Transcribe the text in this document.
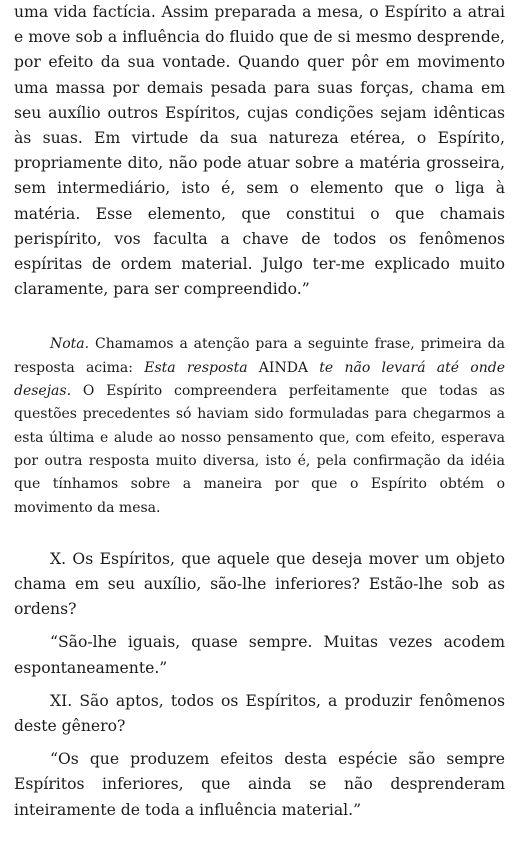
uma vida factícia. Assim preparada a mesa, o Espírito a atrai e move sob a influência do fluido que de si mesmo desprende, por efeito da sua vontade. Quando quer pôr em movimento uma massa por demais pesada para suas forças, chama em seu auxílio outros Espíritos, cujas condições sejam idênticas às suas. Em virtude da sua natureza etérea, o Espírito, propriamente dito, não pode atuar sobre a matéria grosseira, sem intermediário, isto é, sem o elemento que o liga à matéria. Esse elemento, que constitui o que chamais perispírito, vos faculta a chave de todos os fenômenos espíritas de ordem material. Julgo ter-me explicado muito claramente, para ser compreendido.”

Nota. Chamamos a atenção para a seguinte frase, primeira da resposta acima: Esta resposta AINDA te não levará até onde desejas. O Espírito compreendera perfeitamente que todas as questões precedentes só haviam sido formuladas para chegarmos a esta última e alude ao nosso pensamento que, com efeito, esperava por outra resposta muito diversa, isto é, pela confirmação da idéia que tínhamos sobre a maneira por que o Espírito obtém o movimento da mesa.

X. Os Espíritos, que aquele que deseja mover um objeto chama em seu auxílio, são-lhe inferiores? Estão-lhe sob as ordens?

“São-lhe iguais, quase sempre. Muitas vezes acodem espontaneamente.”

XI. São aptos, todos os Espíritos, a produzir fenômenos deste gênero?

“Os que produzem efeitos desta espécie são sempre Espíritos inferiores, que ainda se não desprenderam inteiramente de toda a influência material.”
